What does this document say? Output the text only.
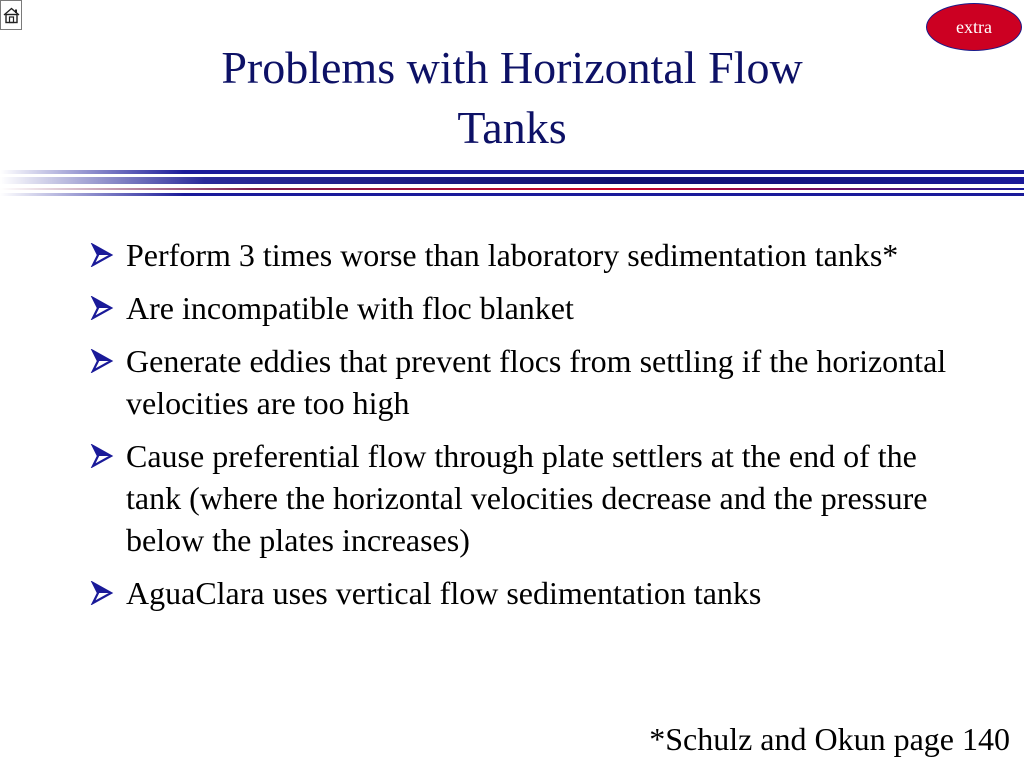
extra
Problems with Horizontal Flow
Tanks
Perform 3 times worse than laboratory sedimentation tanks*
Are incompatible with floc blanket
Generate eddies that prevent flocs from settling if the horizontal velocities are too high
Cause preferential flow through plate settlers at the end of the tank (where the horizontal velocities decrease and the pressure below the plates increases)
AguaClara uses vertical flow sedimentation tanks
*Schulz and Okun page 140
